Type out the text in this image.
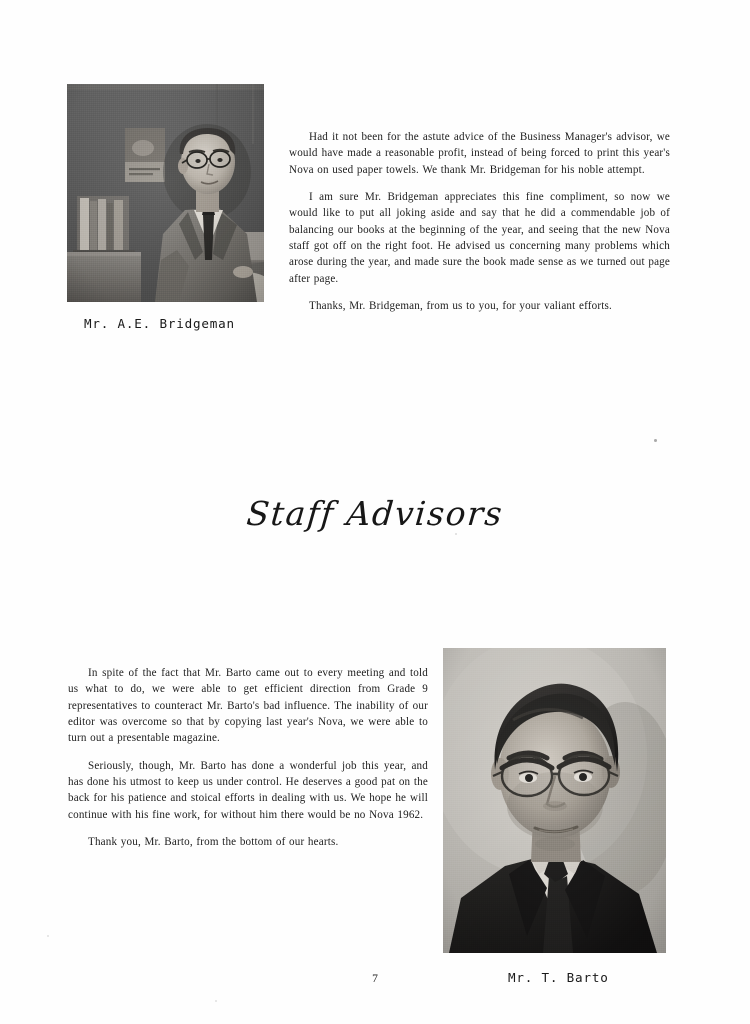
Mr. A.E. Bridgeman

Had it not been for the astute advice of the Business Manager's advisor, we would have made a reasonable profit, instead of being forced to print this year's Nova on used paper towels. We thank Mr. Bridgeman for his noble attempt.

I am sure Mr. Bridgeman appreciates this fine compliment, so now we would like to put all joking aside and say that he did a commendable job of balancing our books at the beginning of the year, and seeing that the new Nova staff got off on the right foot. He advised us concerning many problems which arose during the year, and made sure the book made sense as we turned out page after page.

Thanks, Mr. Bridgeman, from us to you, for your valiant efforts.

Staff Advisors

In spite of the fact that Mr. Barto came out to every meeting and told us what to do, we were able to get efficient direction from Grade 9 representatives to counteract Mr. Barto's bad influence. The inability of our editor was overcome so that by copying last year's Nova, we were able to turn out a presentable magazine.

Seriously, though, Mr. Barto has done a wonderful job this year, and has done his utmost to keep us under control. He deserves a good pat on the back for his patience and stoical efforts in dealing with us. We hope he will continue with his fine work, for without him there would be no Nova 1962.

Thank you, Mr. Barto, from the bottom of our hearts.

Mr. T. Barto
7
